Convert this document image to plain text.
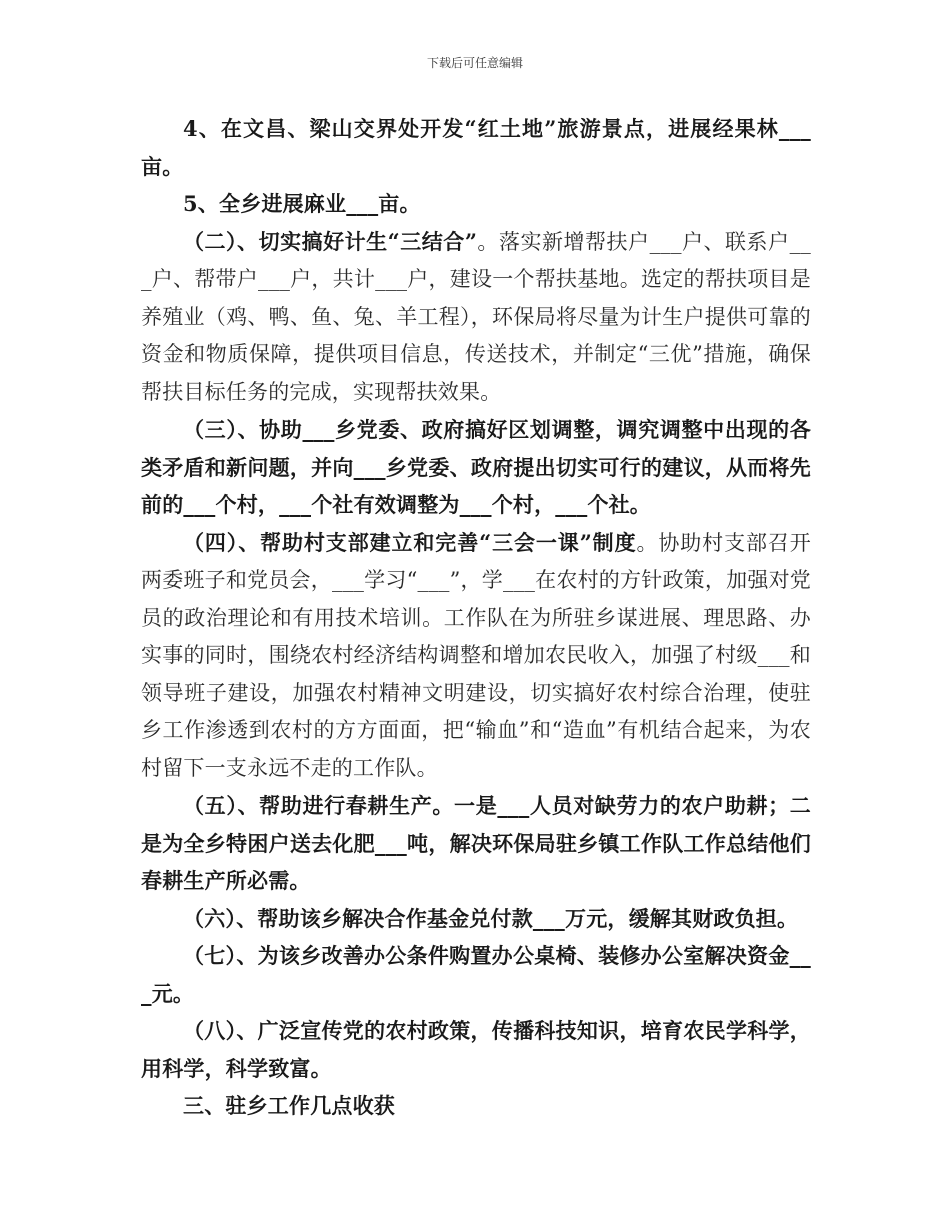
下载后可任意编辑

4、在文昌、梁山交界处开发“红土地”旅游景点，进展经果林___亩。

5、全乡进展麻业___亩。

（二）、切实搞好计生“三结合”。落实新增帮扶户___户、联系户___户、帮带户___户，共计___户，建设一个帮扶基地。选定的帮扶项目是养殖业（鸡、鸭、鱼、兔、羊工程），环保局将尽量为计生户提供可靠的资金和物质保障，提供项目信息，传送技术，并制定“三优”措施，确保帮扶目标任务的完成，实现帮扶效果。

（三）、协助___乡党委、政府搞好区划调整，调究调整中出现的各类矛盾和新问题，并向___乡党委、政府提出切实可行的建议，从而将先前的___个村，___个社有效调整为___个村，___个社。

（四）、帮助村支部建立和完善“三会一课”制度。协助村支部召开两委班子和党员会，___学习“___”，学___在农村的方针政策，加强对党员的政治理论和有用技术培训。工作队在为所驻乡谋进展、理思路、办实事的同时，围绕农村经济结构调整和增加农民收入，加强了村级___和领导班子建设，加强农村精神文明建设，切实搞好农村综合治理，使驻乡工作渗透到农村的方方面面，把“输血”和“造血”有机结合起来，为农村留下一支永远不走的工作队。

（五）、帮助进行春耕生产。一是___人员对缺劳力的农户助耕；二是为全乡特困户送去化肥___吨，解决环保局驻乡镇工作队工作总结他们春耕生产所必需。

（六）、帮助该乡解决合作基金兑付款___万元，缓解其财政负担。

（七）、为该乡改善办公条件购置办公桌椅、装修办公室解决资金___元。

（八）、广泛宣传党的农村政策，传播科技知识，培育农民学科学，用科学，科学致富。

三、驻乡工作几点收获
